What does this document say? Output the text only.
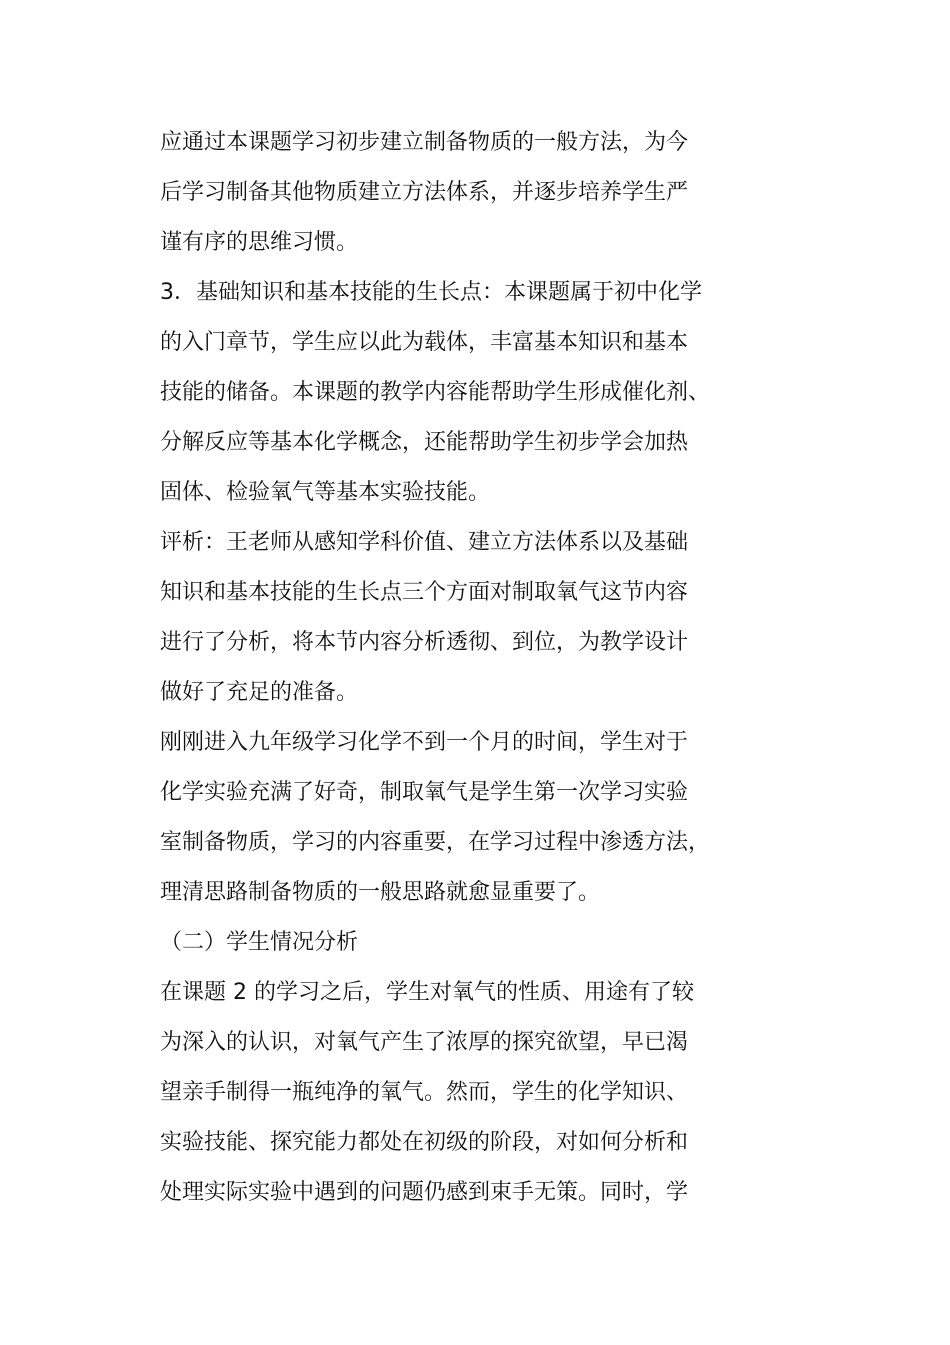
应通过本课题学习初步建立制备物质的一般方法，为今
后学习制备其他物质建立方法体系，并逐步培养学生严
谨有序的思维习惯。
3．基础知识和基本技能的生长点：本课题属于初中化学
的入门章节，学生应以此为载体，丰富基本知识和基本
技能的储备。本课题的教学内容能帮助学生形成催化剂、
分解反应等基本化学概念，还能帮助学生初步学会加热
固体、检验氧气等基本实验技能。
评析：王老师从感知学科价值、建立方法体系以及基础
知识和基本技能的生长点三个方面对制取氧气这节内容
进行了分析，将本节内容分析透彻、到位，为教学设计
做好了充足的准备。
刚刚进入九年级学习化学不到一个月的时间，学生对于
化学实验充满了好奇，制取氧气是学生第一次学习实验
室制备物质，学习的内容重要，在学习过程中渗透方法，
理清思路制备物质的一般思路就愈显重要了。
（二）学生情况分析
在课题 2 的学习之后，学生对氧气的性质、用途有了较
为深入的认识，对氧气产生了浓厚的探究欲望，早已渴
望亲手制得一瓶纯净的氧气。然而，学生的化学知识、
实验技能、探究能力都处在初级的阶段，对如何分析和
处理实际实验中遇到的问题仍感到束手无策。同时，学
